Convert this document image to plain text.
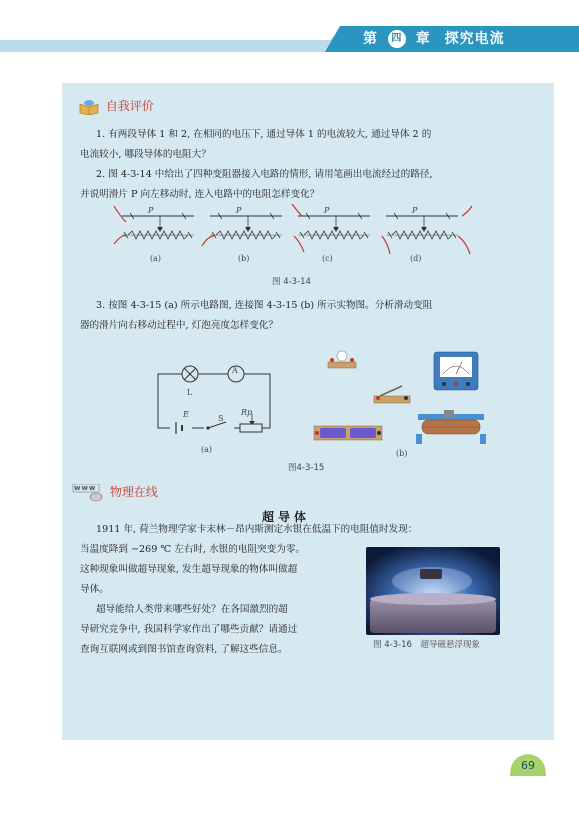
第 四 章 探究电流
自我评价

1. 有两段导体 1 和 2, 在相同的电压下, 通过导体 1 的电流较大, 通过导体 2 的

电流较小, 哪段导体的电阻大？

2. 图 4-3-14 中给出了四种变阻器接入电路的情形, 请用笔画出电流经过的路径,

并说明滑片 P 向左移动时, 连入电路中的电阻怎样变化？

P	P	P	P
(a)	(b)	(c)	(d)
图 4-3-14

3. 按图 4-3-15 (a) 所示电路图, 连接图 4-3-15 (b) 所示实物图。分析滑动变阻

器的滑片向右移动过程中, 灯泡亮度怎样变化？

A
L
E	S
Rp
(a)	(b)
图4-3-15
www 物理在线
超导体

1911 年, 荷兰物理学家卡末林－昂内斯测定水银在低温下的电阻值时发现：

当温度降到 −269 ℃ 左右时, 水银的电阻突变为零。

这种现象叫做超导现象, 发生超导现象的物体叫做超

导体。

超导能给人类带来哪些好处？在各国激烈的超

导研究竞争中, 我国科学家作出了哪些贡献？请通过

查询互联网或到图书馆查询资料, 了解这些信息。	图 4-3-16　超导磁悬浮现象
69
